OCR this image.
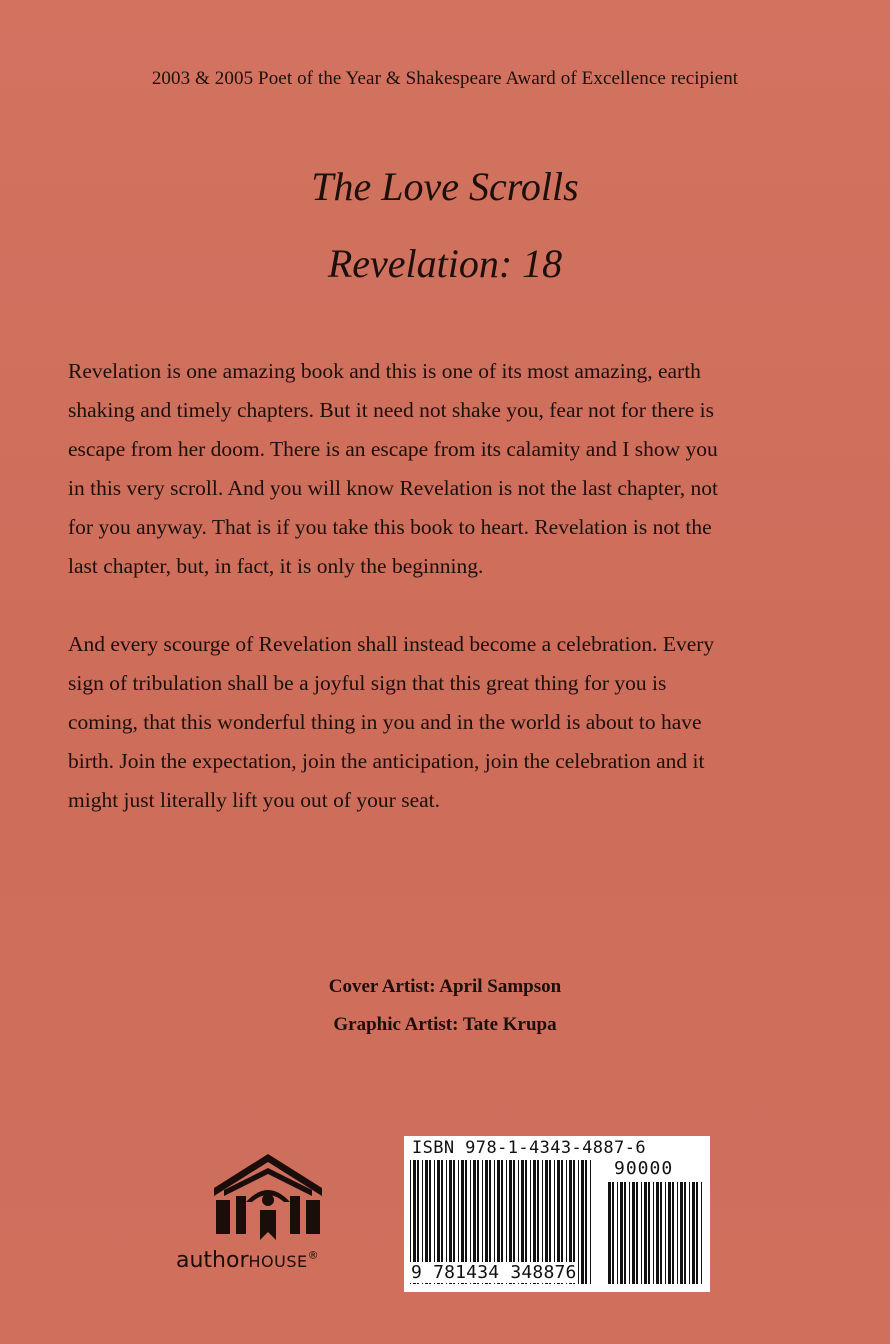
2003 & 2005 Poet of the Year & Shakespeare Award of Excellence recipient
The Love Scrolls
Revelation: 18
Revelation is one amazing book and this is one of its most amazing, earth
shaking and timely chapters. But it need not shake you, fear not for there is
escape from her doom. There is an escape from its calamity and I show you
in this very scroll. And you will know Revelation is not the last chapter, not
for you anyway. That is if you take this book to heart. Revelation is not the
last chapter, but, in fact, it is only the beginning.
And every scourge of Revelation shall instead become a celebration. Every
sign of tribulation shall be a joyful sign that this great thing for you is
coming, that this wonderful thing in you and in the world is about to have
birth. Join the expectation, join the anticipation, join the celebration and it
might just literally lift you out of your seat.
Cover Artist: April Sampson
Graphic Artist: Tate Krupa
authorHOUSE®
ISBN 978-1-4343-4887-6
90000
9 781434 348876
